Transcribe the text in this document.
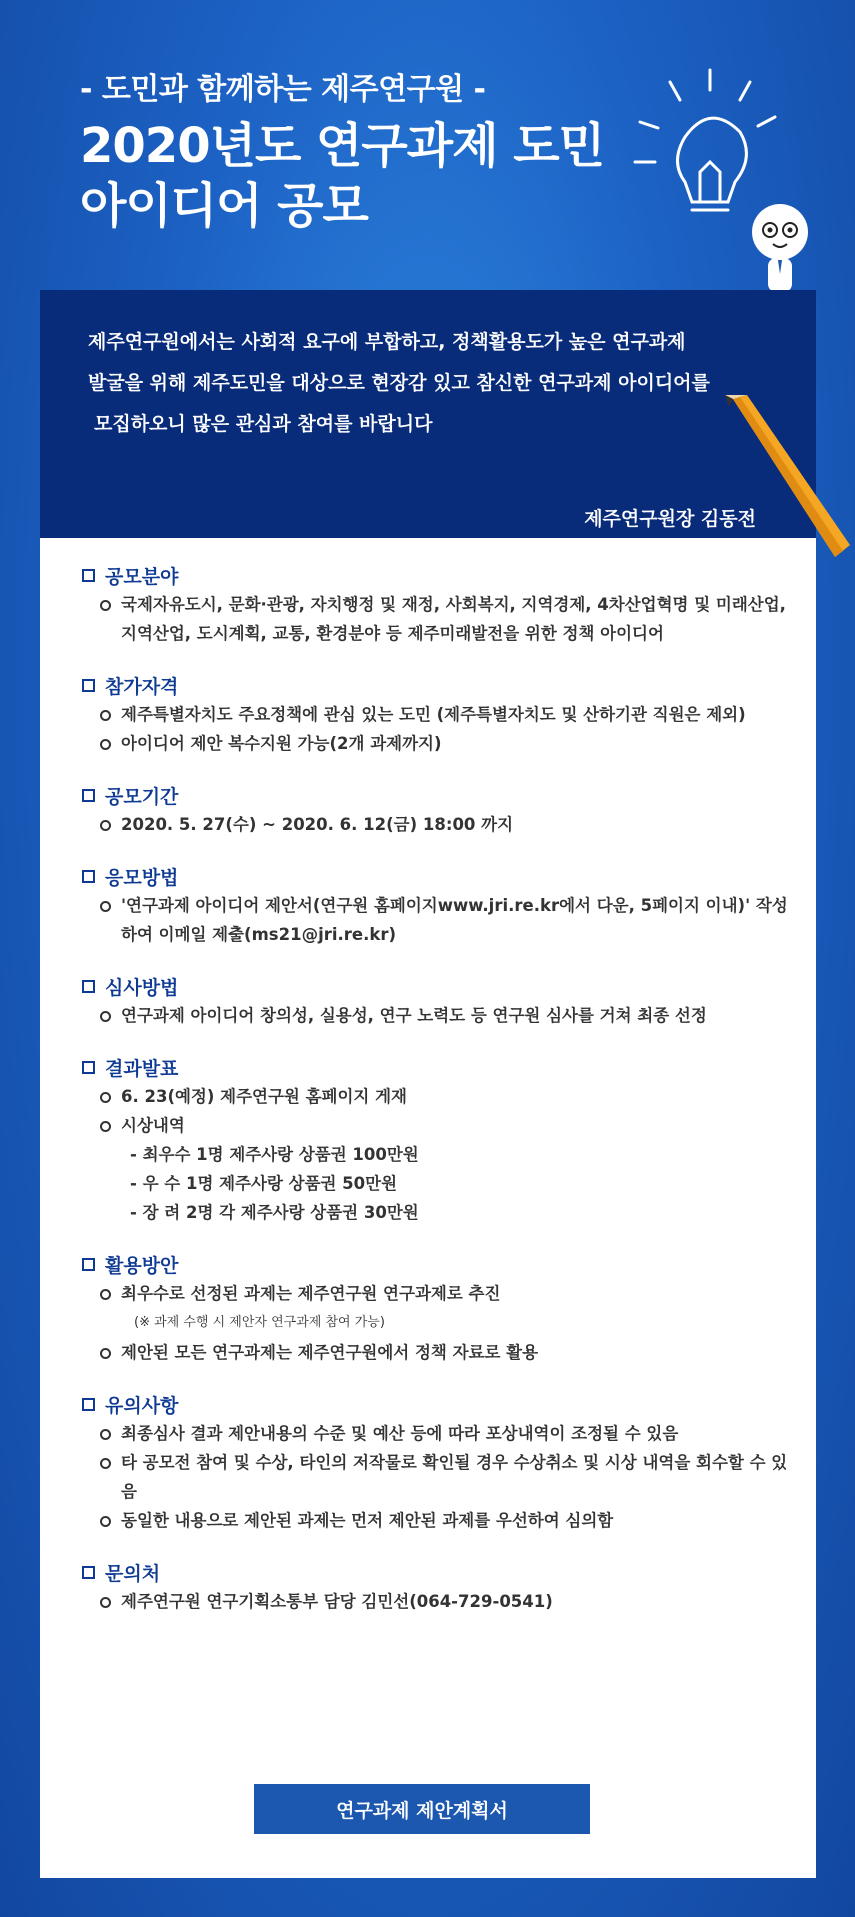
- 도민과 함께하는 제주연구원 -

2020년도 연구과제 도민

아이디어 공모

제주연구원에서는 사회적 요구에 부합하고, 정책활용도가 높은 연구과제

발굴을 위해 제주도민을 대상으로 현장감 있고 참신한 연구과제 아이디어를

모집하오니 많은 관심과 참여를 바랍니다

제주연구원장 김동전
공모분야
국제자유도시, 문화·관광, 자치행정 및 재정, 사회복지, 지역경제, 4차산업혁명 및 미래산업, 지역산업, 도시계획, 교통, 환경분야 등 제주미래발전을 위한 정책 아이디어
참가자격
제주특별자치도 주요정책에 관심 있는 도민 (제주특별자치도 및 산하기관 직원은 제외)
아이디어 제안 복수지원 가능(2개 과제까지)
공모기간
2020. 5. 27(수) ~ 2020. 6. 12(금) 18:00 까지
응모방법
'연구과제 아이디어 제안서(연구원 홈페이지www.jri.re.kr에서 다운, 5페이지 이내)' 작성하여 이메일 제출(ms21@jri.re.kr)
심사방법
연구과제 아이디어 창의성, 실용성, 연구 노력도 등 연구원 심사를 거쳐 최종 선정
결과발표
6. 23(예정) 제주연구원 홈페이지 게재
시상내역
- 최우수 1명 제주사랑 상품권 100만원
- 우 수 1명 제주사랑 상품권 50만원
- 장 려 2명 각 제주사랑 상품권 30만원
활용방안
최우수로 선정된 과제는 제주연구원 연구과제로 추진
(※ 과제 수행 시 제안자 연구과제 참여 가능)
제안된 모든 연구과제는 제주연구원에서 정책 자료로 활용
유의사항
최종심사 결과 제안내용의 수준 및 예산 등에 따라 포상내역이 조정될 수 있음
타 공모전 참여 및 수상, 타인의 저작물로 확인될 경우 수상취소 및 시상 내역을 회수할 수 있음
동일한 내용으로 제안된 과제는 먼저 제안된 과제를 우선하여 심의함
문의처
제주연구원 연구기획소통부 담당 김민선(064-729-0541)
연구과제 제안계획서
